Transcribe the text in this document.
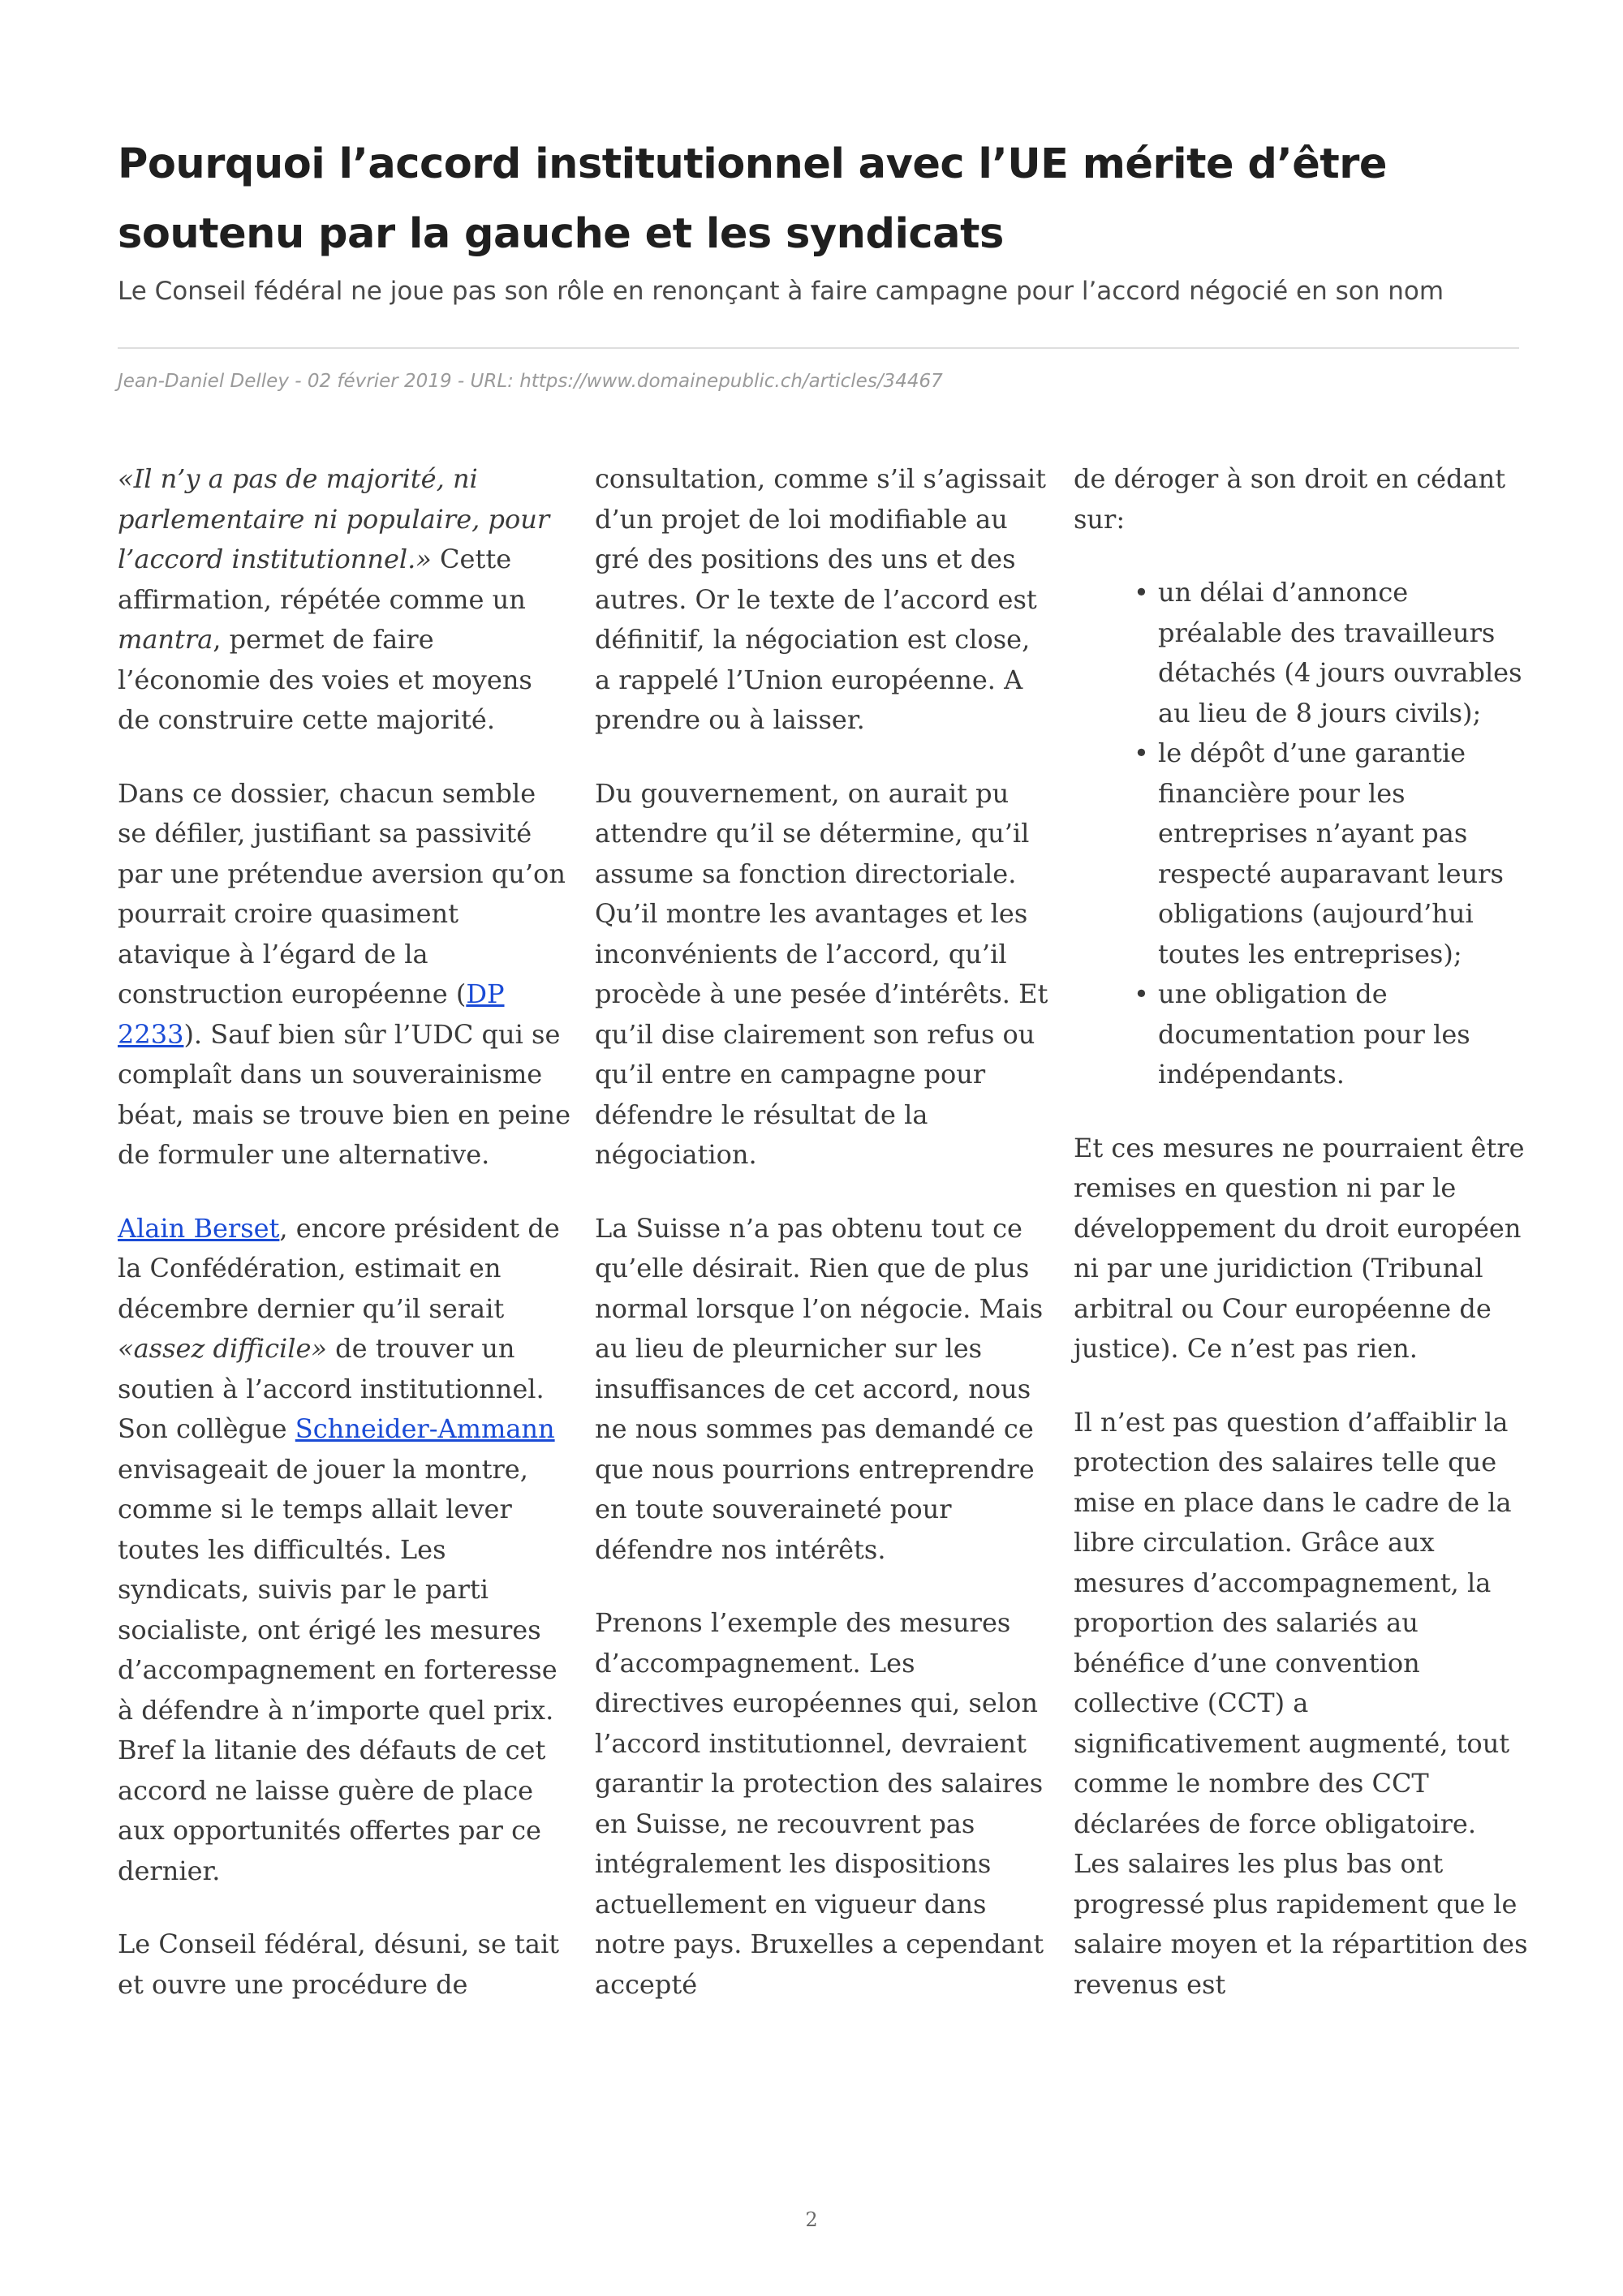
Pourquoi l’accord institutionnel avec l’UE mérite d’être soutenu par la gauche et les syndicats
Le Conseil fédéral ne joue pas son rôle en renonçant à faire campagne pour l’accord négocié en son nom
Jean-Daniel Delley - 02 février 2019 - URL: https://www.domainepublic.ch/articles/34467

«Il n’y a pas de majorité, ni parlementaire ni populaire, pour l’accord institutionnel.» Cette affirmation, répétée comme un mantra, permet de faire l’économie des voies et moyens de construire cette majorité.

Dans ce dossier, chacun semble se défiler, justifiant sa passivité par une prétendue aversion qu’on pourrait croire quasiment atavique à l’égard de la construction européenne (DP 2233). Sauf bien sûr l’UDC qui se complaît dans un souverainisme béat, mais se trouve bien en peine de formuler une alternative.

Alain Berset, encore président de la Confédération, estimait en décembre dernier qu’il serait «assez difficile» de trouver un soutien à l’accord institutionnel. Son collègue Schneider-Ammann envisageait de jouer la montre, comme si le temps allait lever toutes les difficultés. Les syndicats, suivis par le parti socialiste, ont érigé les mesures d’accompagnement en forteresse à défendre à n’importe quel prix. Bref la litanie des défauts de cet accord ne laisse guère de place aux opportunités offertes par ce dernier.

Le Conseil fédéral, désuni, se tait et ouvre une procédure de

consultation, comme s’il s’agissait d’un projet de loi modifiable au gré des positions des uns et des autres. Or le texte de l’accord est définitif, la négociation est close, a rappelé l’Union européenne. A prendre ou à laisser.

Du gouvernement, on aurait pu attendre qu’il se détermine, qu’il assume sa fonction directoriale. Qu’il montre les avantages et les inconvénients de l’accord, qu’il procède à une pesée d’intérêts. Et qu’il dise clairement son refus ou qu’il entre en campagne pour défendre le résultat de la négociation.

La Suisse n’a pas obtenu tout ce qu’elle désirait. Rien que de plus normal lorsque l’on négocie. Mais au lieu de pleurnicher sur les insuffisances de cet accord, nous ne nous sommes pas demandé ce que nous pourrions entreprendre en toute souveraineté pour défendre nos intérêts.

Prenons l’exemple des mesures d’accompagnement. Les directives européennes qui, selon l’accord institutionnel, devraient garantir la protection des salaires en Suisse, ne recouvrent pas intégralement les dispositions actuellement en vigueur dans notre pays. Bruxelles a cependant accepté

de déroger à son droit en cédant sur:

• un délai d’annonce préalable des travailleurs détachés (4 jours ouvrables au lieu de 8 jours civils);
• le dépôt d’une garantie financière pour les entreprises n’ayant pas respecté auparavant leurs obligations (aujourd’hui toutes les entreprises);
• une obligation de documentation pour les indépendants.

Et ces mesures ne pourraient être remises en question ni par le développement du droit européen ni par une juridiction (Tribunal arbitral ou Cour européenne de justice). Ce n’est pas rien.

Il n’est pas question d’affaiblir la protection des salaires telle que mise en place dans le cadre de la libre circulation. Grâce aux mesures d’accompagnement, la proportion des salariés au bénéfice d’une convention collective (CCT) a significativement augmenté, tout comme le nombre des CCT déclarées de force obligatoire. Les salaires les plus bas ont progressé plus rapidement que le salaire moyen et la répartition des revenus est

2
